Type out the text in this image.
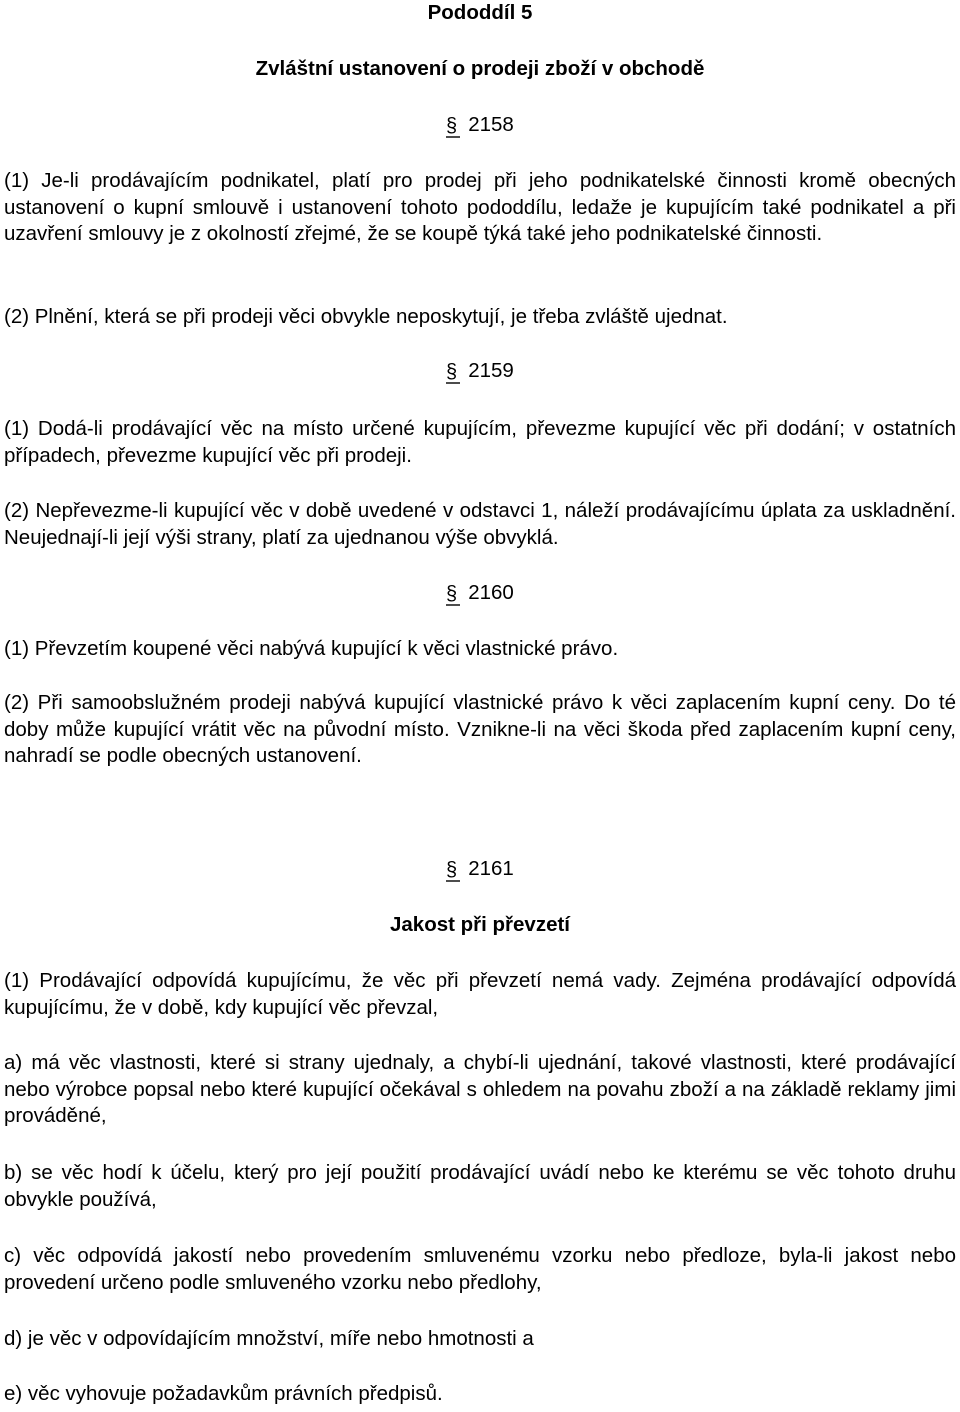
Pododdíl 5

Zvláštní ustanovení o prodeji zboží v obchodě

§ 2158

(1) Je-li prodávajícím podnikatel, platí pro prodej při jeho podnikatelské činnosti kromě obecných ustanovení o kupní smlouvě i ustanovení tohoto pododdílu, ledaže je kupujícím také podnikatel a při uzavření smlouvy je z okolností zřejmé, že se koupě týká také jeho podnikatelské činnosti.

(2) Plnění, která se při prodeji věci obvykle neposkytují, je třeba zvláště ujednat.

§ 2159

(1) Dodá-li prodávající věc na místo určené kupujícím, převezme kupující věc při dodání; v ostatních případech, převezme kupující věc při prodeji.

(2) Nepřevezme-li kupující věc v době uvedené v odstavci 1, náleží prodávajícímu úplata za uskladnění. Neujednají-li její výši strany, platí za ujednanou výše obvyklá.

§ 2160

(1) Převzetím koupené věci nabývá kupující k věci vlastnické právo.

(2) Při samoobslužném prodeji nabývá kupující vlastnické právo k věci zaplacením kupní ceny. Do té doby může kupující vrátit věc na původní místo. Vznikne-li na věci škoda před zaplacením kupní ceny, nahradí se podle obecných ustanovení.

§ 2161

Jakost při převzetí

(1) Prodávající odpovídá kupujícímu, že věc při převzetí nemá vady. Zejména prodávající odpovídá kupujícímu, že v době, kdy kupující věc převzal,

a) má věc vlastnosti, které si strany ujednaly, a chybí-li ujednání, takové vlastnosti, které prodávající nebo výrobce popsal nebo které kupující očekával s ohledem na povahu zboží a na základě reklamy jimi prováděné,

b) se věc hodí k účelu, který pro její použití prodávající uvádí nebo ke kterému se věc tohoto druhu obvykle používá,

c) věc odpovídá jakostí nebo provedením smluvenému vzorku nebo předloze, byla-li jakost nebo provedení určeno podle smluveného vzorku nebo předlohy,

d) je věc v odpovídajícím množství, míře nebo hmotnosti a

e) věc vyhovuje požadavkům právních předpisů.
